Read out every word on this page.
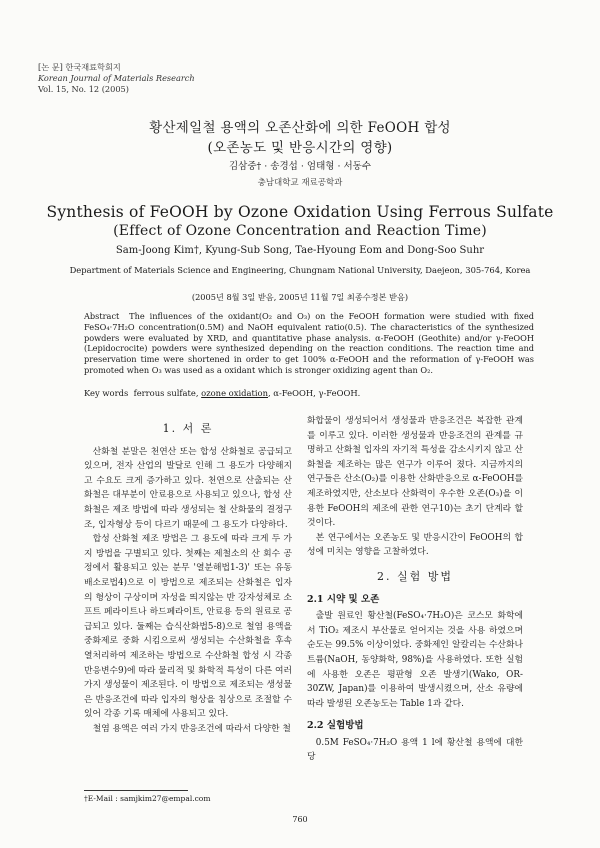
[논 문] 한국재료학회지
Korean Journal of Materials Research
Vol. 15, No. 12 (2005)
황산제일철 용액의 오존산화에 의한 FeOOH 합성
(오존농도 및 반응시간의 영향)
김삼중† · 송경섭 · 엄태형 · 서동수
충남대학교 재료공학과
Synthesis of FeOOH by Ozone Oxidation Using Ferrous Sulfate
(Effect of Ozone Concentration and Reaction Time)
Sam-Joong Kim†, Kyung-Sub Song, Tae-Hyoung Eom and Dong-Soo Suhr
Department of Materials Science and Engineering, Chungnam National University, Daejeon, 305-764, Korea
(2005년 8월 3일 받음, 2005년 11월 7일 최종수정본 받음)
Abstract The influences of the oxidant(O₂ and O₃) on the FeOOH formation were studied with fixed FeSO₄·7H₂O concentration(0.5M) and NaOH equivalent ratio(0.5). The characteristics of the synthesized powders were evaluated by XRD, and quantitative phase analysis. α-FeOOH (Geothite) and/or γ-FeOOH (Lepidocrocite) powders were synthesized depending on the reaction conditions. The reaction time and preservation time were shortened in order to get 100% α-FeOOH and the reformation of γ-FeOOH was promoted when O₃ was used as a oxidant which is stronger oxidizing agent than O₂.
Key words ferrous sulfate, ozone oxidation, α-FeOOH, γ-FeOOH.
1. 서 론

산화철 분말은 천연산 또는 합성 산화철로 공급되고 있으며, 전자 산업의 발달로 인해 그 용도가 다양해지고 수요도 크게 증가하고 있다. 천연으로 산출되는 산화철은 대부분이 안료용으로 사용되고 있으나, 합성 산화철은 제조 방법에 따라 생성되는 철 산화물의 결정구조, 입자형상 등이 다르기 때문에 그 용도가 다양하다.

합성 산화철 제조 방법은 그 용도에 따라 크게 두 가지 방법을 구별되고 있다. 첫째는 제철소의 산 회수 공정에서 활용되고 있는 분무 '열분해법1-3)' 또는 유동배소로법4)으로 이 방법으로 제조되는 산화철은 입자의 형상이 구상이며 자성을 띄지않는 반 강자성체로 소프트 페라이트나 하드페라이트, 안료용 등의 원료로 공급되고 있다. 둘째는 습식산화법5-8)으로 철염 용액을 중화제로 중화 시킴으로써 생성되는 수산화철을 후속 열처리하여 제조하는 방법으로 수산화철 합성 시 각종 반응변수9)에 따라 물리적 및 화학적 특성이 다른 여러 가지 생성물이 제조된다. 이 방법으로 제조되는 생성물은 반응조건에 따라 입자의 형상을 침상으로 조절할 수 있어 각종 기록 매체에 사용되고 있다.

철염 용액은 여러 가지 반응조건에 따라서 다양한 철

화합물이 생성되어서 생성물과 반응조건은 복잡한 관계를 이루고 있다. 이러한 생성물과 반응조건의 관계를 규명하고 산화철 입자의 자기적 특성을 감소시키지 않고 산화철을 제조하는 많은 연구가 이루어 졌다. 지금까지의 연구들은 산소(O₂)를 이용한 산화반응으로 α-FeOOH를 제조하였지만, 산소보다 산화력이 우수한 오존(O₃)을 이용한 FeOOH의 제조에 관한 연구10)는 초기 단계라 할 것이다.

본 연구에서는 오존농도 및 반응시간이 FeOOH의 합성에 미치는 영향을 고찰하였다.

2. 실험 방법
2.1 시약 및 오존

출발 원료인 황산철(FeSO₄·7H₂O)은 코스모 화학에서 TiO₂ 제조시 부산물로 얻어지는 것을 사용 하였으며 순도는 99.5% 이상이었다. 중화제인 알칼리는 수산화나트륨(NaOH, 동양화학, 98%)을 사용하였다. 또한 실험에 사용한 오존은 평판형 오존 발생기(Wako, OR-30ZW, Japan)를 이용하여 발생시켰으며, 산소 유량에 따라 발생된 오존농도는 Table 1과 같다.

2.2 실험방법

0.5M FeSO₄·7H₂O 용액 1 l에 황산철 용액에 대한 당

†E-Mail : samjkim27@empal.com
760
